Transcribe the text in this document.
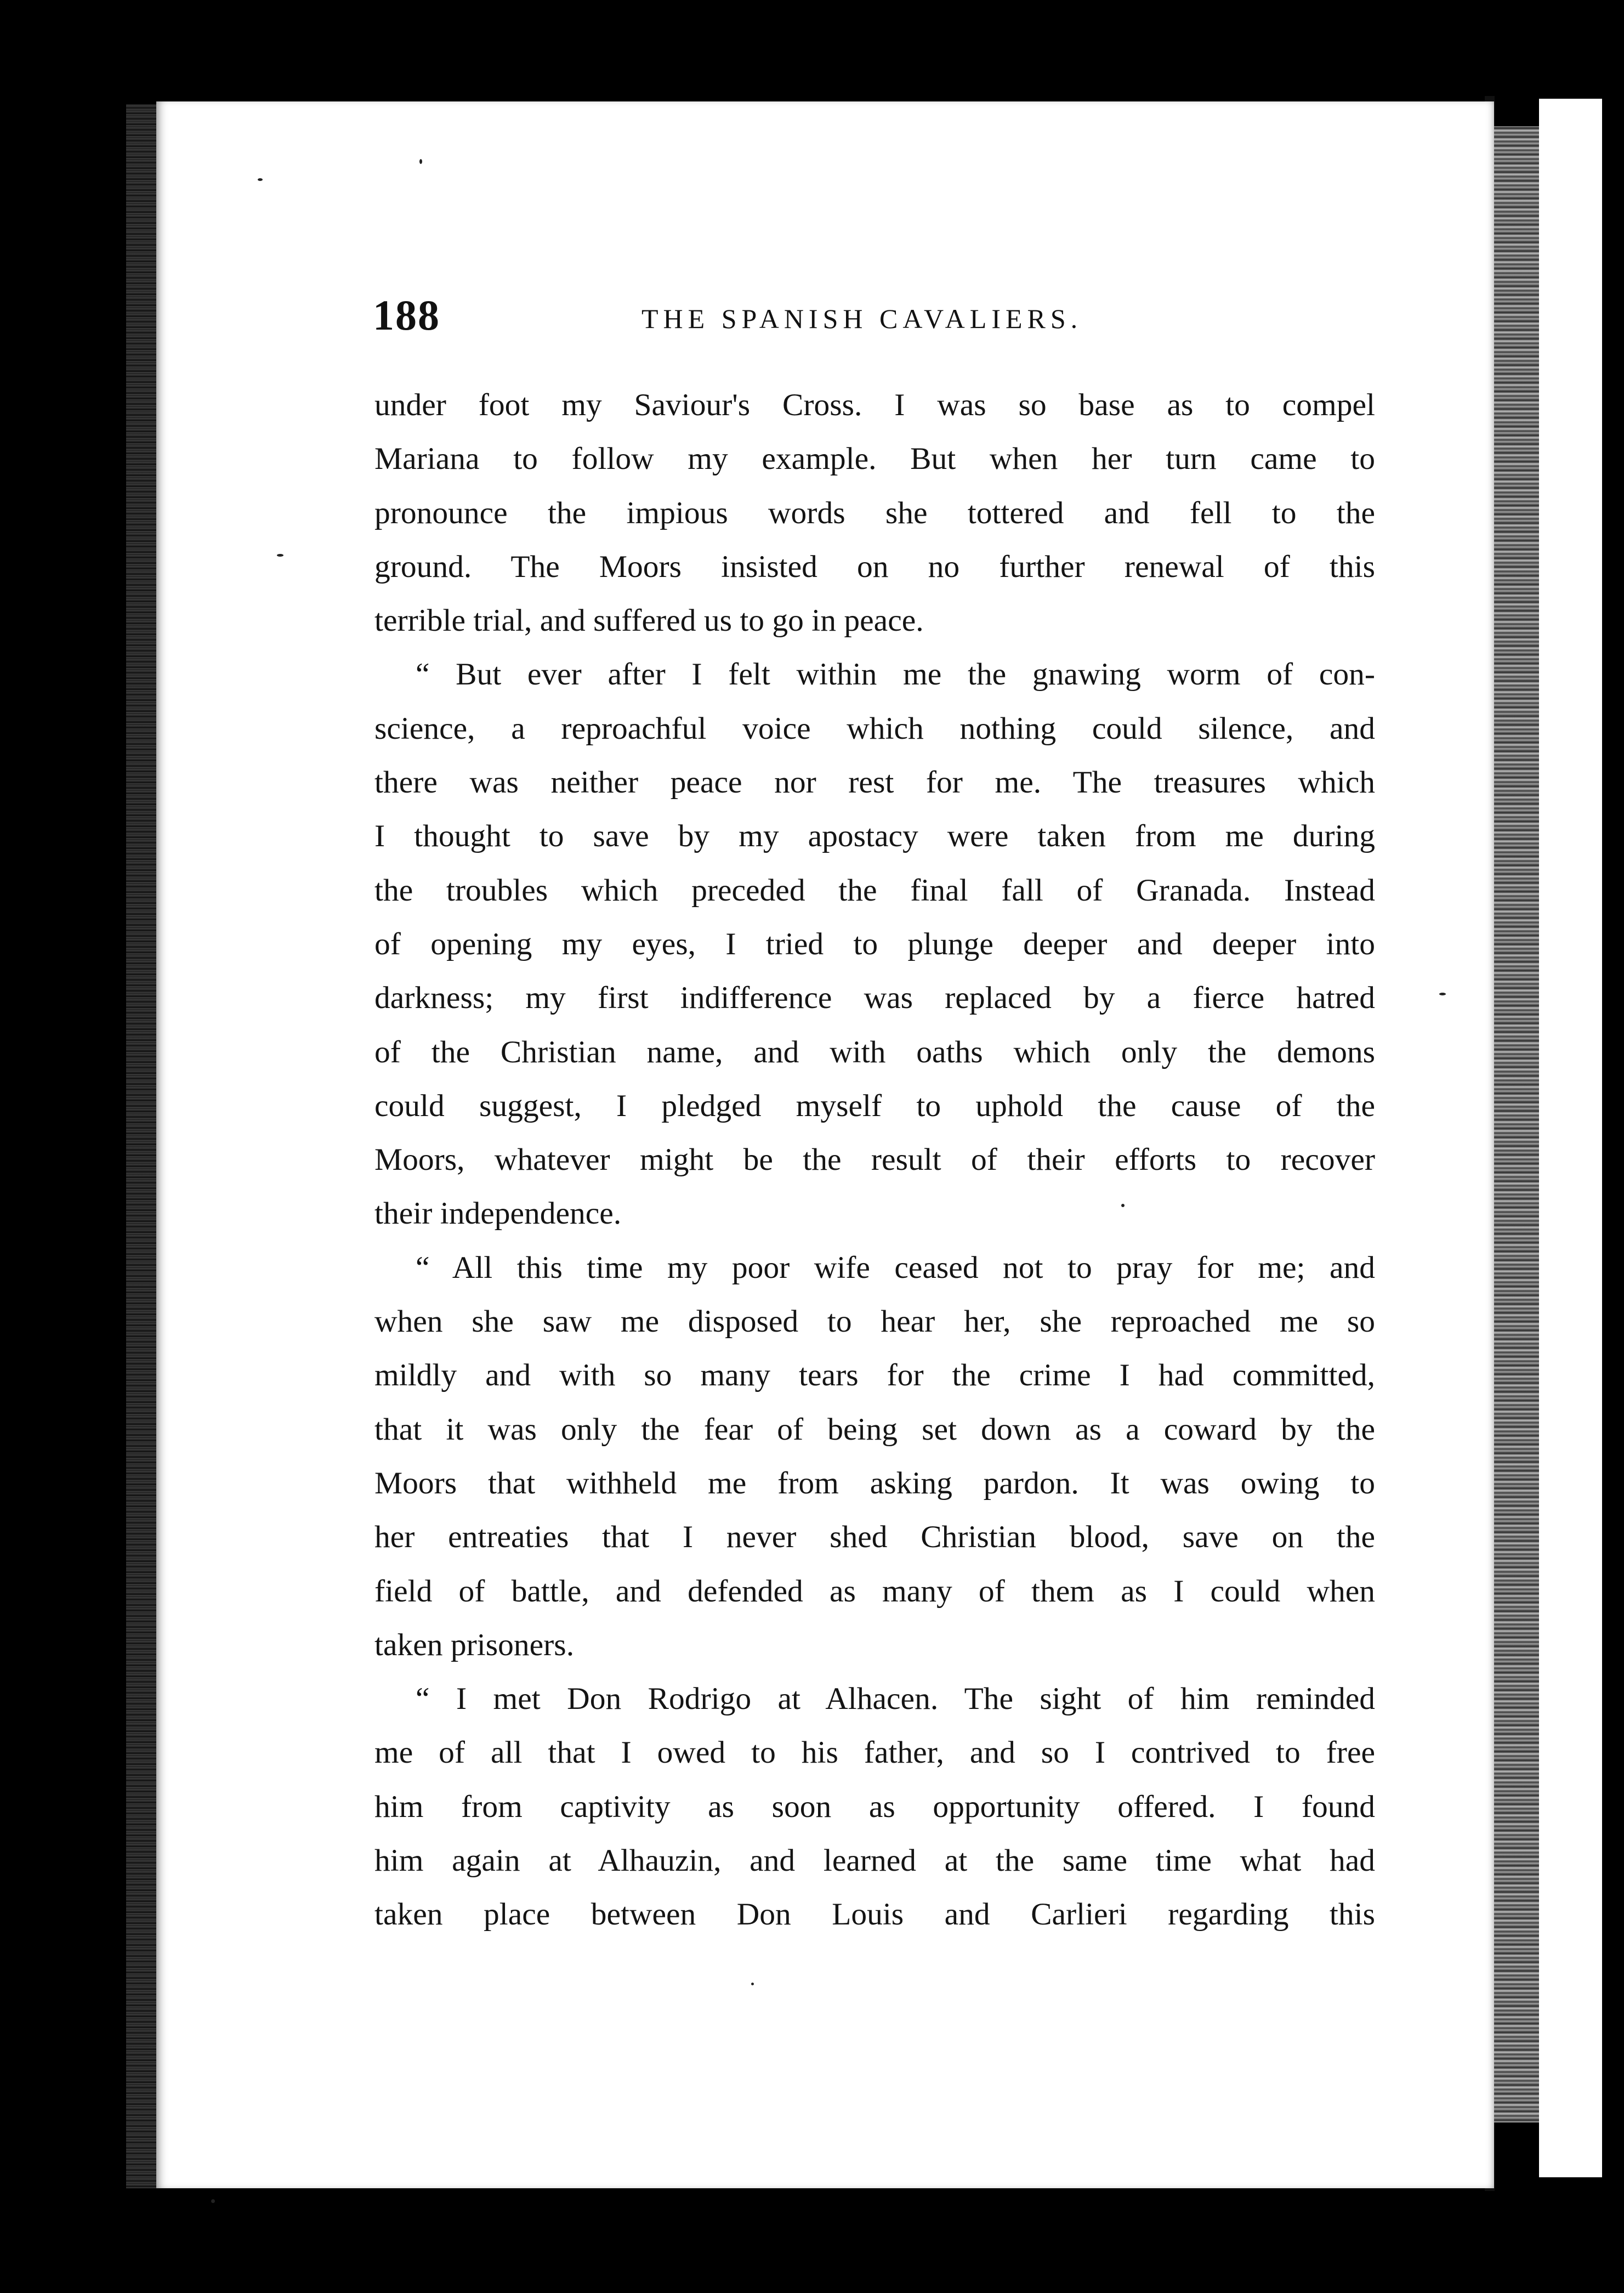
188	THE SPANISH CAVALIERS.
under foot my Saviour's Cross. I was so base as to compel
Mariana to follow my example. But when her turn came to
pronounce the impious words she tottered and fell to the
ground. The Moors insisted on no further renewal of this
terrible trial, and suffered us to go in peace.
“ But ever after I felt within me the gnawing worm of con-
science, a reproachful voice which nothing could silence, and
there was neither peace nor rest for me. The treasures which
I thought to save by my apostacy were taken from me during
the troubles which preceded the final fall of Granada. Instead
of opening my eyes, I tried to plunge deeper and deeper into
darkness; my first indifference was replaced by a fierce hatred
of the Christian name, and with oaths which only the demons
could suggest, I pledged myself to uphold the cause of the
Moors, whatever might be the result of their efforts to recover
their independence.
“ All this time my poor wife ceased not to pray for me; and
when she saw me disposed to hear her, she reproached me so
mildly and with so many tears for the crime I had committed,
that it was only the fear of being set down as a coward by the
Moors that withheld me from asking pardon. It was owing to
her entreaties that I never shed Christian blood, save on the
field of battle, and defended as many of them as I could when
taken prisoners.
“ I met Don Rodrigo at Alhacen. The sight of him reminded
me of all that I owed to his father, and so I contrived to free
him from captivity as soon as opportunity offered. I found
him again at Alhauzin, and learned at the same time what had
taken place between Don Louis and Carlieri regarding this
